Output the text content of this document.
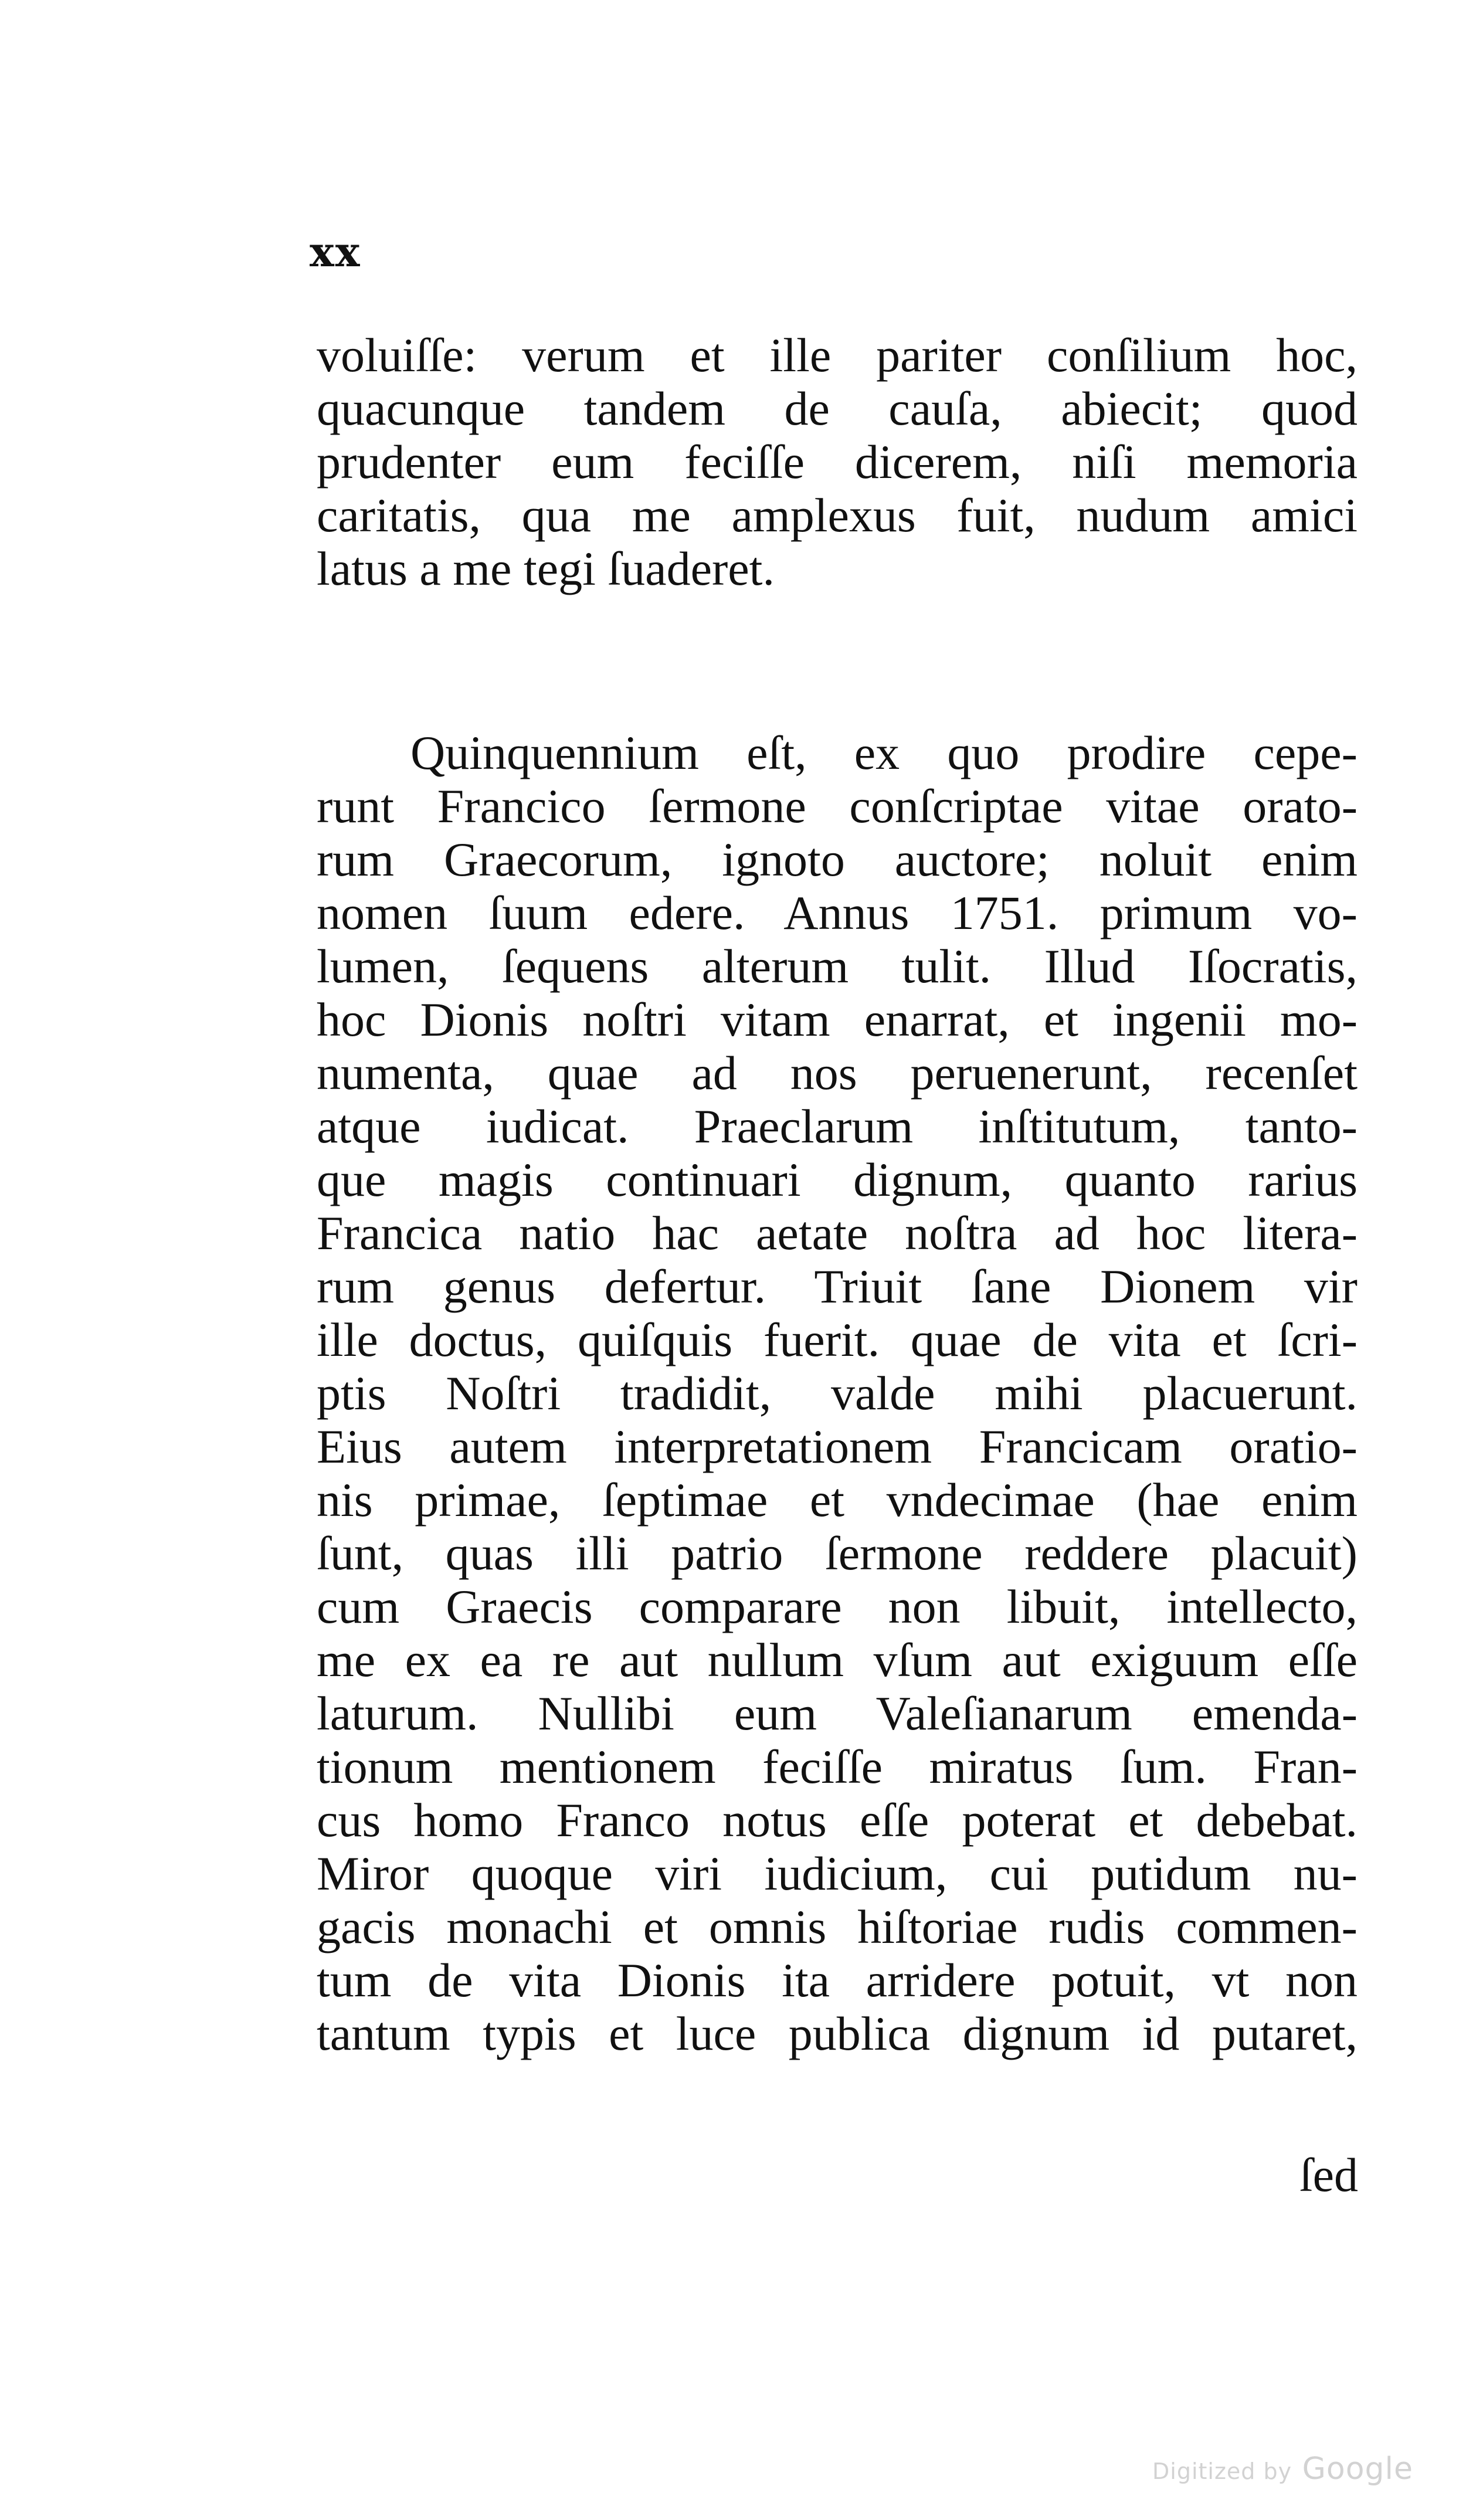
xx
voluiſſe: verum et ille pariter conſilium hoc,
quacunque tandem de cauſa, abiecit; quod
prudenter eum feciſſe dicerem, niſi memoria
caritatis, qua me amplexus fuit, nudum amici
latus a me tegi ſuaderet.
Quinquennium eſt, ex quo prodire cepe-
runt Francico ſermone conſcriptae vitae orato-
rum Graecorum, ignoto auctore; noluit enim
nomen ſuum edere. Annus 1751. primum vo-
lumen, ſequens alterum tulit. Illud Iſocratis,
hoc Dionis noſtri vitam enarrat, et ingenii mo-
numenta, quae ad nos peruenerunt, recenſet
atque iudicat. Praeclarum inſtitutum, tanto-
que magis continuari dignum, quanto rarius
Francica natio hac aetate noſtra ad hoc litera-
rum genus defertur. Triuit ſane Dionem vir
ille doctus, quiſquis fuerit. quae de vita et ſcri-
ptis Noſtri tradidit, valde mihi placuerunt.
Eius autem interpretationem Francicam oratio-
nis primae, ſeptimae et vndecimae (hae enim
ſunt, quas illi patrio ſermone reddere placuit)
cum Graecis comparare non libuit, intellecto,
me ex ea re aut nullum vſum aut exiguum eſſe
laturum. Nullibi eum Valeſianarum emenda-
tionum mentionem feciſſe miratus ſum. Fran-
cus homo Franco notus eſſe poterat et debebat.
Miror quoque viri iudicium, cui putidum nu-
gacis monachi et omnis hiſtoriae rudis commen-
tum de vita Dionis ita arridere potuit, vt non
tantum typis et luce publica dignum id putaret,
ſed
Digitized by Google
